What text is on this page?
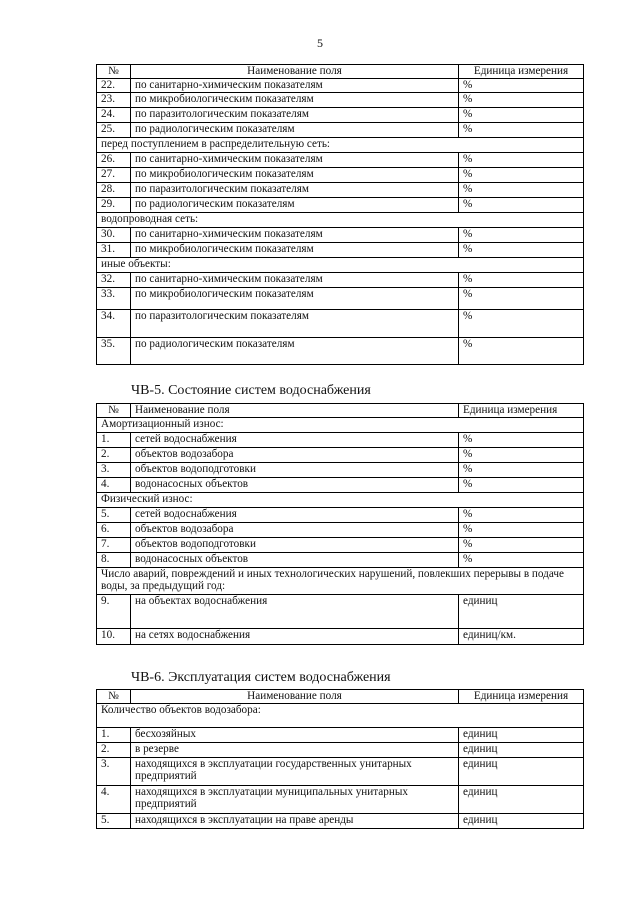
5
№	Наименование поля	Единица измерения
22.	по санитарно-химическим показателям	%
23.	по микробиологическим показателям	%
24.	по паразитологическим показателям	%
25.	по радиологическим показателям	%
перед поступлением в распределительную сеть:		
26.	по санитарно-химическим показателям	%
27.	по микробиологическим показателям	%
28.	по паразитологическим показателям	%
29.	по радиологическим показателям	%
водопроводная сеть:		
30.	по санитарно-химическим показателям	%
31.	по микробиологическим показателям	%
иные объекты:		
32.	по санитарно-химическим показателям	%
33.	по микробиологическим показателям	%
34.	по паразитологическим показателям	%
35.	по радиологическим показателям	%
ЧВ-5. Состояние систем водоснабжения
№	Наименование поля	Единица измерения
Амортизационный износ:		
1.	сетей водоснабжения	%
2.	объектов водозабора	%
3.	объектов водоподготовки	%
4.	водонасосных объектов	%
Физический износ:		
5.	сетей водоснабжения	%
6.	объектов водозабора	%
7.	объектов водоподготовки	%
8.	водонасосных объектов	%
Число аварий, повреждений и иных технологических нарушений, повлекших перерывы в подаче воды, за предыдущий год:		
9.	на объектах водоснабжения	единиц
10.	на сетях водоснабжения	единиц/км.
ЧВ-6. Эксплуатация систем водоснабжения
№	Наименование поля	Единица измерения
Количество объектов водозабора:		
1.	бесхозяйных	единиц
2.	в резерве	единиц
3.	находящихся в эксплуатации государственных унитарных предприятий	единиц
4.	находящихся в эксплуатации муниципальных унитарных предприятий	единиц
5.	находящихся в эксплуатации на праве аренды	единиц
